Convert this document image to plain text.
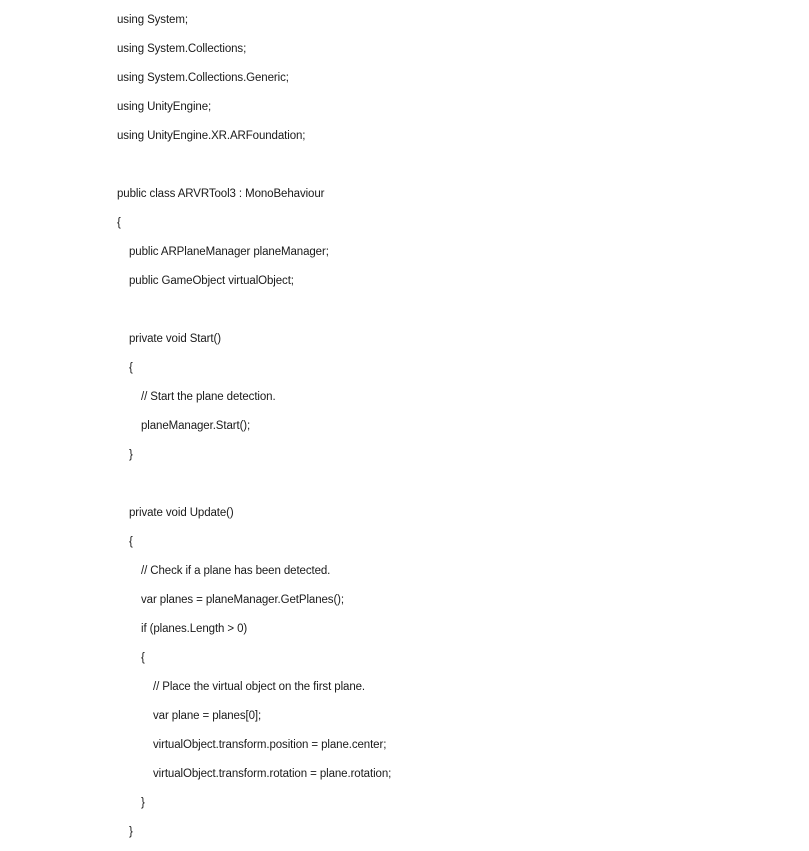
using System;
using System.Collections;
using System.Collections.Generic;
using UnityEngine;
using UnityEngine.XR.ARFoundation;
public class ARVRTool3 : MonoBehaviour
{
public ARPlaneManager planeManager;
public GameObject virtualObject;
private void Start()
{
// Start the plane detection.
planeManager.Start();
}
private void Update()
{
// Check if a plane has been detected.
var planes = planeManager.GetPlanes();
if (planes.Length > 0)
{
// Place the virtual object on the first plane.
var plane = planes[0];
virtualObject.transform.position = plane.center;
virtualObject.transform.rotation = plane.rotation;
}
}
